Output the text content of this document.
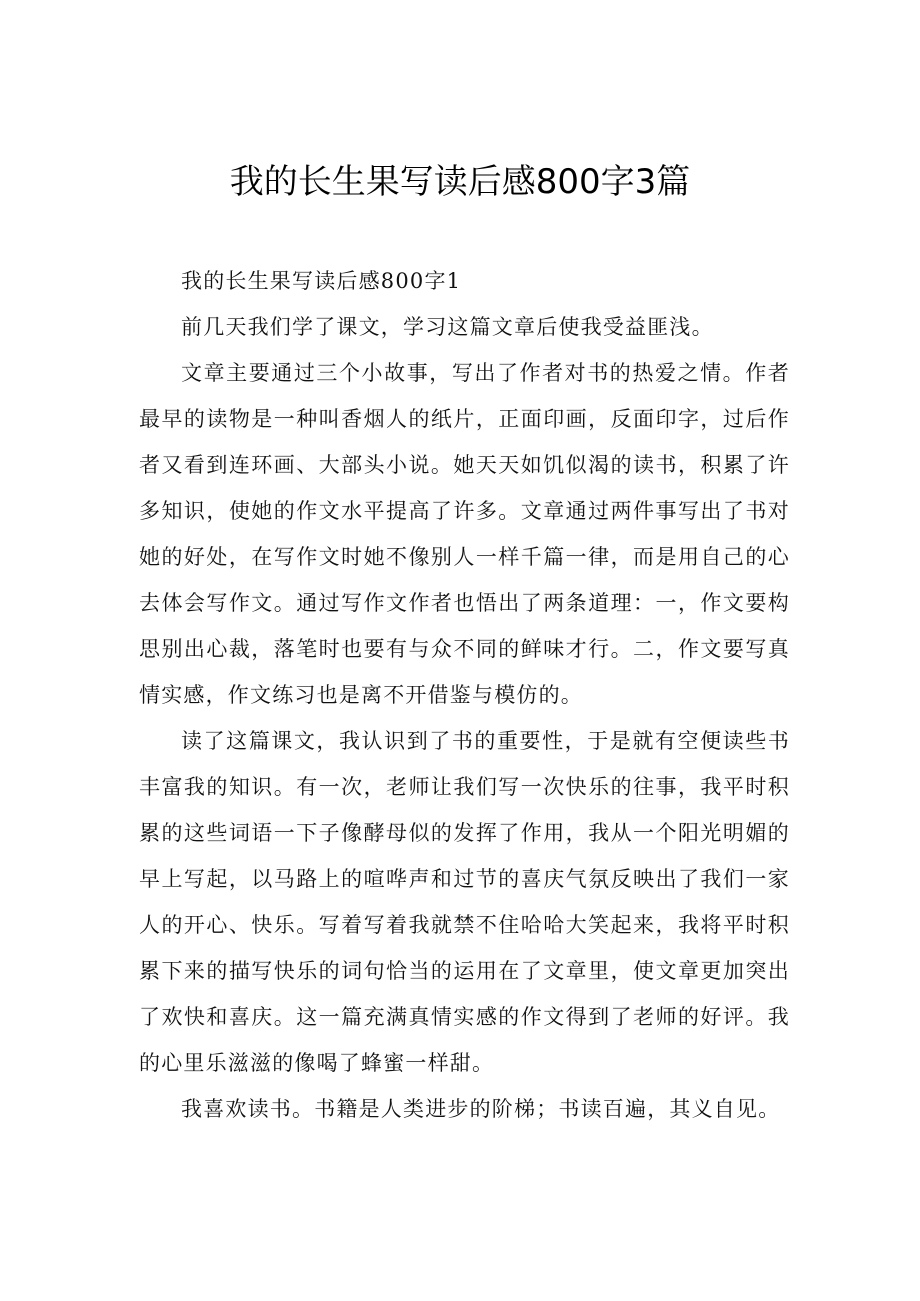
我的长生果写读后感800字3篇

我的长生果写读后感800字1

前几天我们学了课文，学习这篇文章后使我受益匪浅。

文章主要通过三个小故事，写出了作者对书的热爱之情。作者最早的读物是一种叫香烟人的纸片，正面印画，反面印字，过后作者又看到连环画、大部头小说。她天天如饥似渴的读书，积累了许多知识，使她的作文水平提高了许多。文章通过两件事写出了书对她的好处，在写作文时她不像别人一样千篇一律，而是用自己的心去体会写作文。通过写作文作者也悟出了两条道理：一，作文要构思别出心裁，落笔时也要有与众不同的鲜味才行。二，作文要写真情实感，作文练习也是离不开借鉴与模仿的。

读了这篇课文，我认识到了书的重要性，于是就有空便读些书丰富我的知识。有一次，老师让我们写一次快乐的往事，我平时积累的这些词语一下子像酵母似的发挥了作用，我从一个阳光明媚的早上写起，以马路上的喧哗声和过节的喜庆气氛反映出了我们一家人的开心、快乐。写着写着我就禁不住哈哈大笑起来，我将平时积累下来的描写快乐的词句恰当的运用在了文章里，使文章更加突出了欢快和喜庆。这一篇充满真情实感的作文得到了老师的好评。我的心里乐滋滋的像喝了蜂蜜一样甜。

我喜欢读书。书籍是人类进步的阶梯；书读百遍，其义自见。
